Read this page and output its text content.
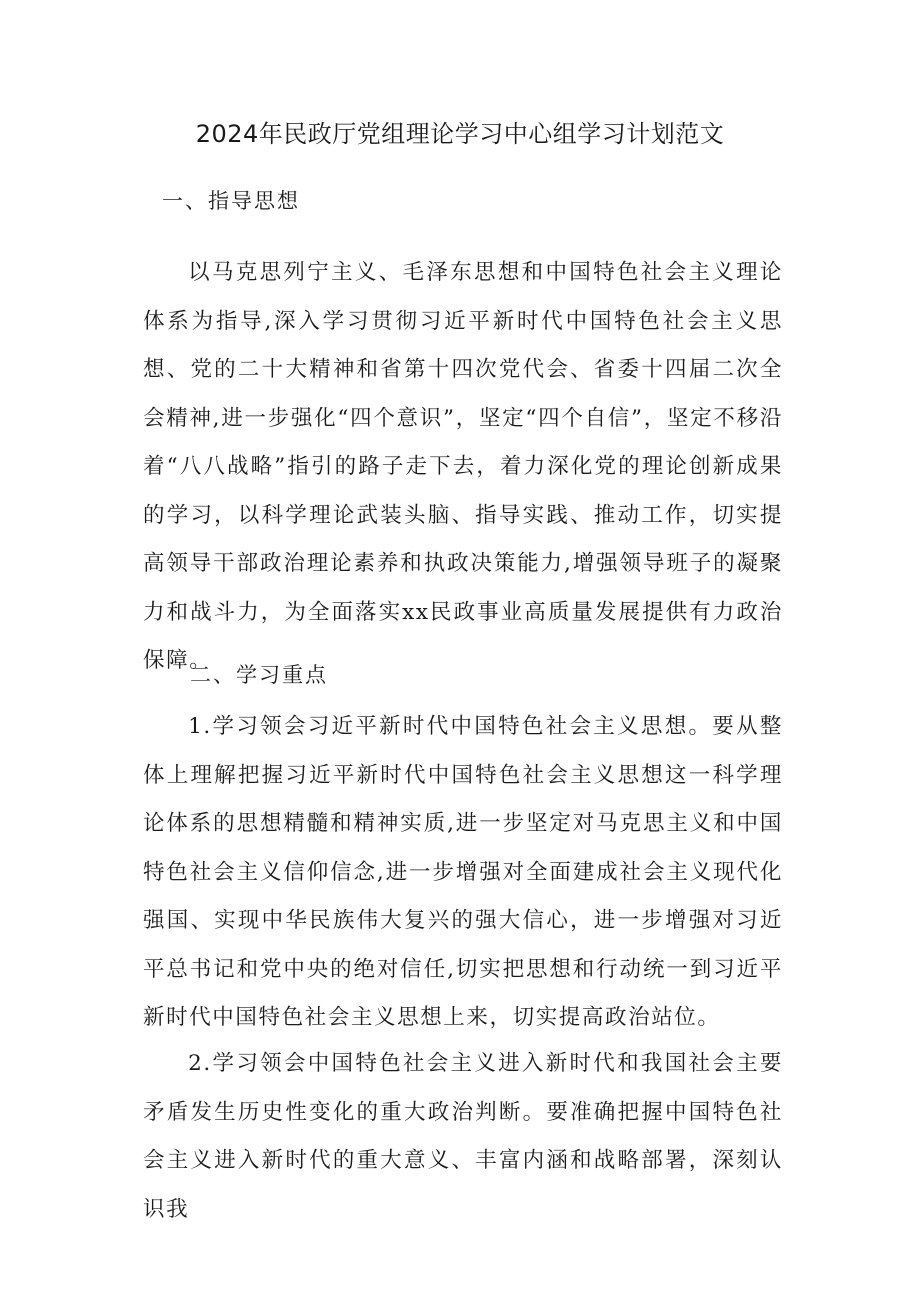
2024年民政厅党组理论学习中心组学习计划范文
一、指导思想

以马克思列宁主义、毛泽东思想和中国特色社会主义理论体系为指导,深入学习贯彻习近平新时代中国特色社会主义思想、党的二十大精神和省第十四次党代会、省委十四届二次全会精神,进一步强化“四个意识”，坚定“四个自信”，坚定不移沿着“八八战略”指引的路子走下去，着力深化党的理论创新成果的学习，以科学理论武装头脑、指导实践、推动工作，切实提高领导干部政治理论素养和执政决策能力,增强领导班子的凝聚力和战斗力，为全面落实xx民政事业高质量发展提供有力政治保障。

二、学习重点

1.学习领会习近平新时代中国特色社会主义思想。要从整体上理解把握习近平新时代中国特色社会主义思想这一科学理论体系的思想精髓和精神实质,进一步坚定对马克思主义和中国特色社会主义信仰信念,进一步增强对全面建成社会主义现代化强国、实现中华民族伟大复兴的强大信心，进一步增强对习近平总书记和党中央的绝对信任,切实把思想和行动统一到习近平新时代中国特色社会主义思想上来，切实提高政治站位。

2.学习领会中国特色社会主义进入新时代和我国社会主要矛盾发生历史性变化的重大政治判断。要准确把握中国特色社会主义进入新时代的重大意义、丰富内涵和战略部署，深刻认识我
